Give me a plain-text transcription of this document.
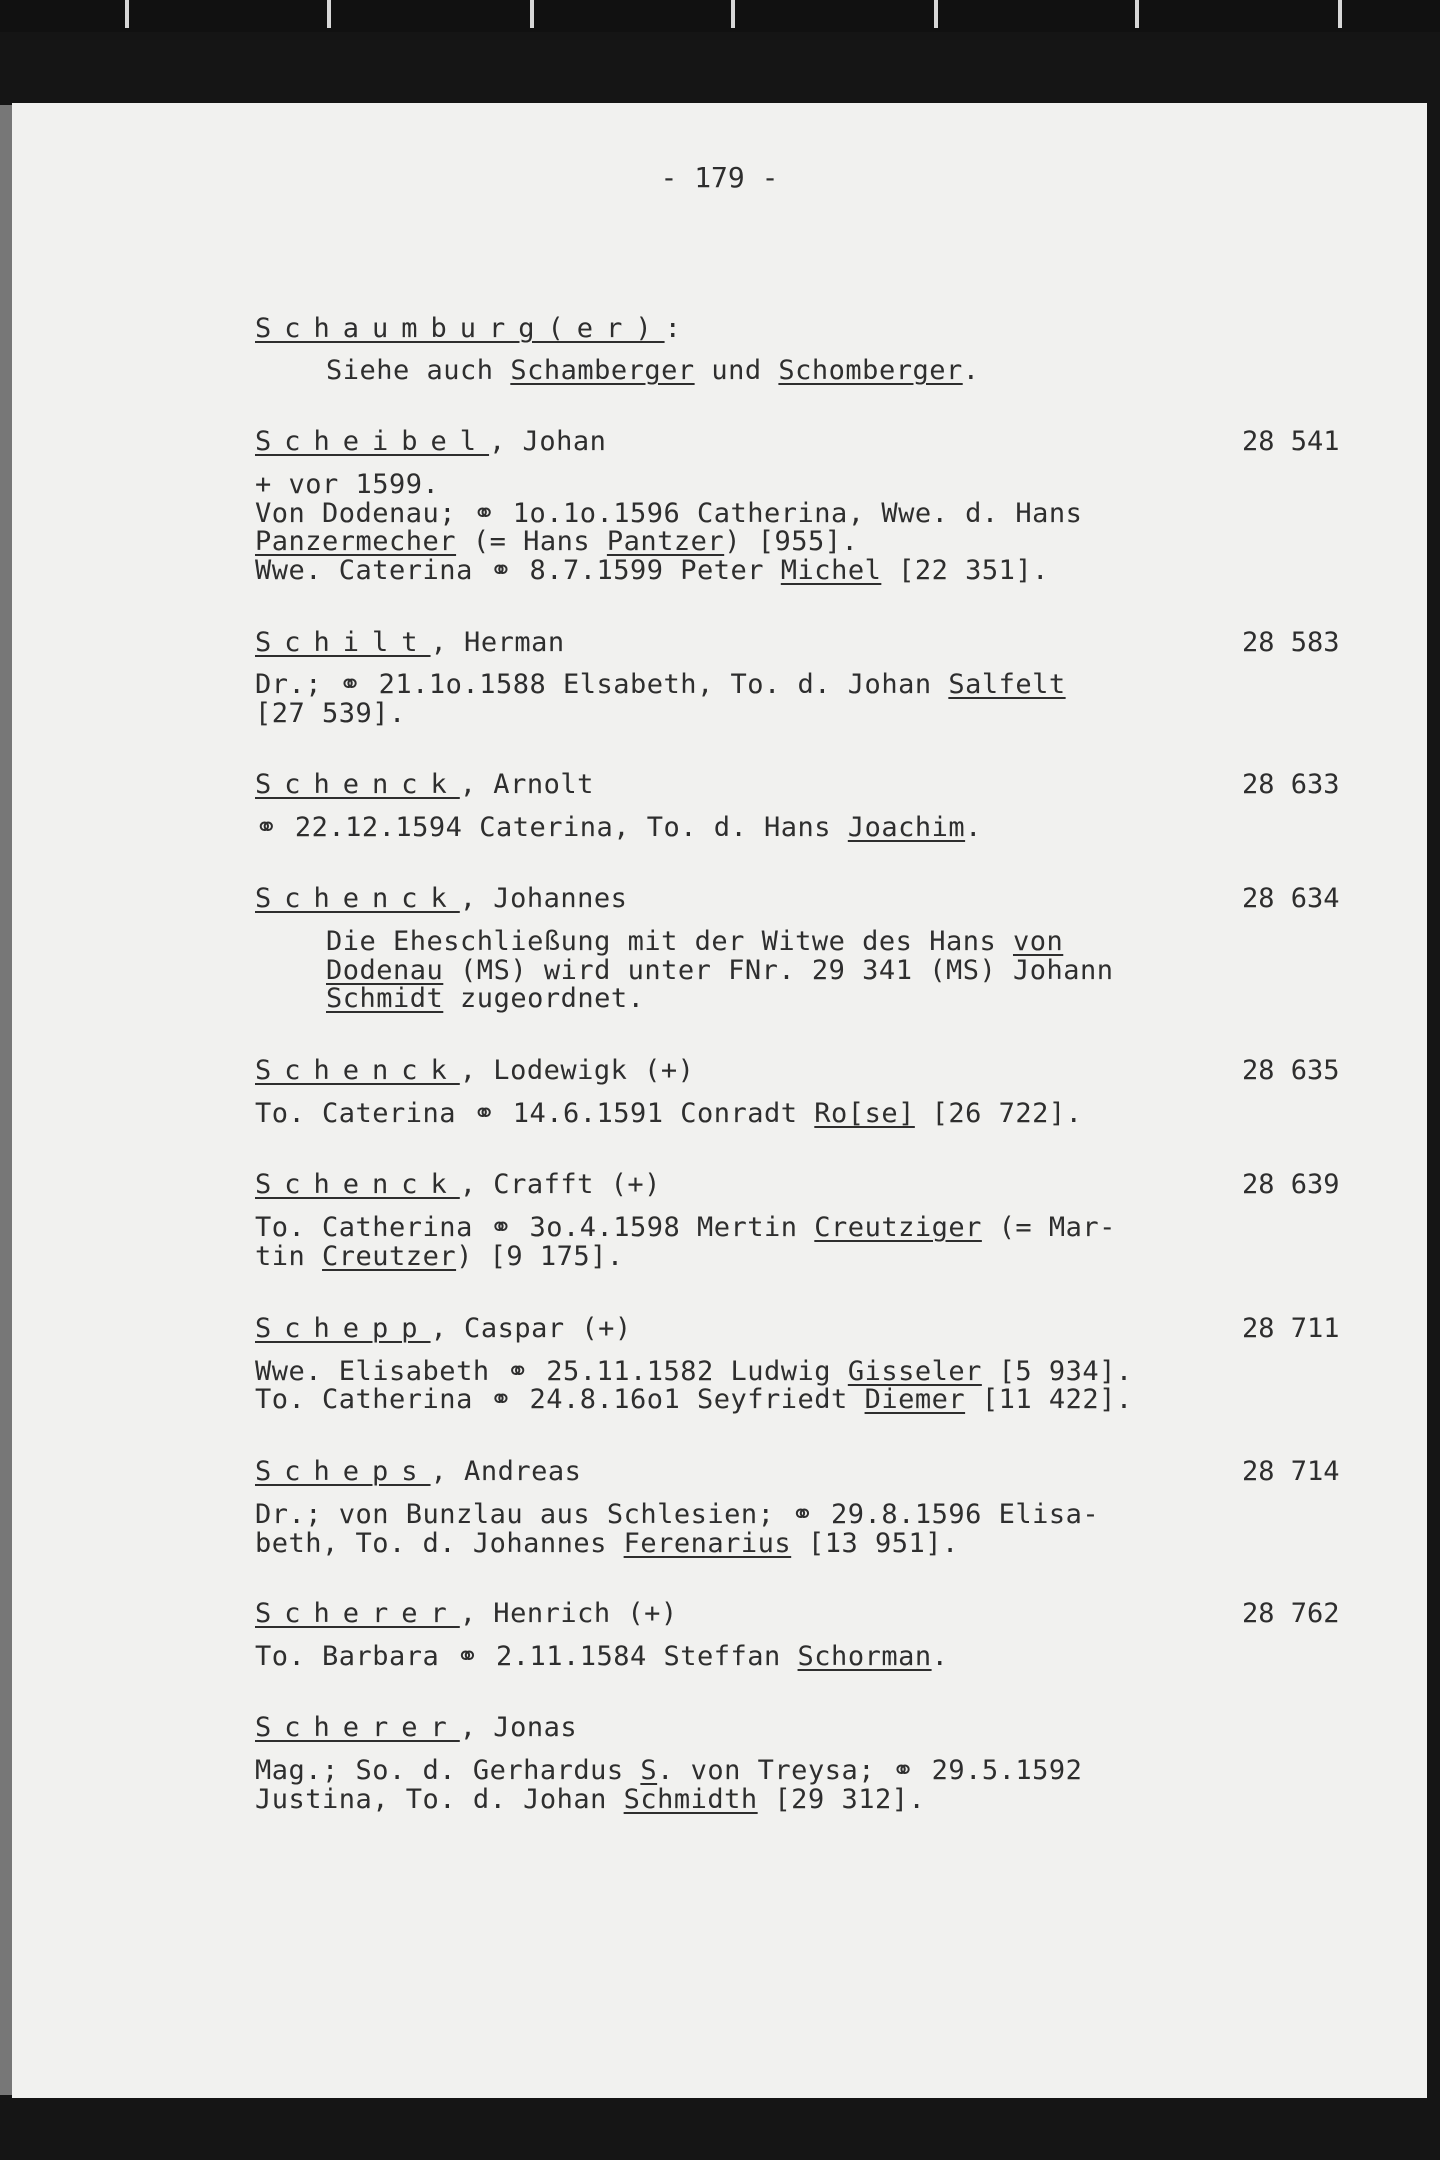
- 179 -
Schaumburg(er):
Siehe auch Schamberger und Schomberger.
Scheibel, Johan	28 541
+ vor 1599.
Von Dodenau; ⚭ 1o.1o.1596 Catherina, Wwe. d. Hans
Panzermecher (= Hans Pantzer) [955].
Wwe. Caterina ⚭ 8.7.1599 Peter Michel [22 351].
Schilt, Herman	28 583
Dr.; ⚭ 21.1o.1588 Elsabeth, To. d. Johan Salfelt
[27 539].
Schenck, Arnolt	28 633
⚭ 22.12.1594 Caterina, To. d. Hans Joachim.
Schenck, Johannes	28 634
Die Eheschließung mit der Witwe des Hans von
Dodenau (MS) wird unter FNr. 29 341 (MS) Johann
Schmidt zugeordnet.
Schenck, Lodewigk (+)	28 635
To. Caterina ⚭ 14.6.1591 Conradt Ro[se] [26 722].
Schenck, Crafft (+)	28 639
To. Catherina ⚭ 3o.4.1598 Mertin Creutziger (= Mar-
tin Creutzer) [9 175].
Schepp, Caspar (+)	28 711
Wwe. Elisabeth ⚭ 25.11.1582 Ludwig Gisseler [5 934].
To. Catherina ⚭ 24.8.16o1 Seyfriedt Diemer [11 422].
Scheps, Andreas	28 714
Dr.; von Bunzlau aus Schlesien; ⚭ 29.8.1596 Elisa-
beth, To. d. Johannes Ferenarius [13 951].
Scherer, Henrich (+)	28 762
To. Barbara ⚭ 2.11.1584 Steffan Schorman.
Scherer, Jonas
Mag.; So. d. Gerhardus S. von Treysa; ⚭ 29.5.1592
Justina, To. d. Johan Schmidth [29 312].
